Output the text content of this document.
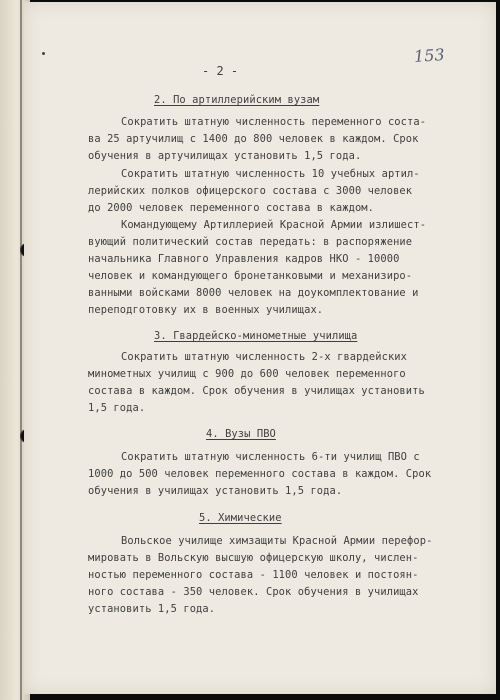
- 2 -
153
2. По артиллерийским вузам
Сократить штатную численность переменного соста-
ва 25 артучилищ с 1400 до 800 человек в каждом. Срок
обучения в артучилищах установить 1,5 года.
Сократить штатную численность 10 учебных артил-
лерийских полков офицерского состава с 3000 человек
до 2000 человек переменного состава в каждом.
Командующему Артиллерией Красной Армии излишест-
вующий политический состав передать: в распоряжение
начальника Главного Управления кадров НКО - 10000
человек и командующего бронетанковыми и механизиро-
ванными войсками 8000 человек на доукомплектование и
переподготовку их в военных училищах.
3. Гвардейско-минометные училища
Сократить штатную численность 2-х гвардейских
минометных училищ с 900 до 600 человек переменного
состава в каждом. Срок обучения в училищах установить
1,5 года.
4. Вузы ПВО
Сократить штатную численность 6-ти училищ ПВО с
1000 до 500 человек переменного состава в каждом. Срок
обучения в училищах установить 1,5 года.
5. Химические
Вольское училище химзащиты Красной Армии перефор-
мировать в Вольскую высшую офицерскую школу, числен-
ностью переменного состава - 1100 человек и постоян-
ного состава - 350 человек. Срок обучения в училищах
установить 1,5 года.
